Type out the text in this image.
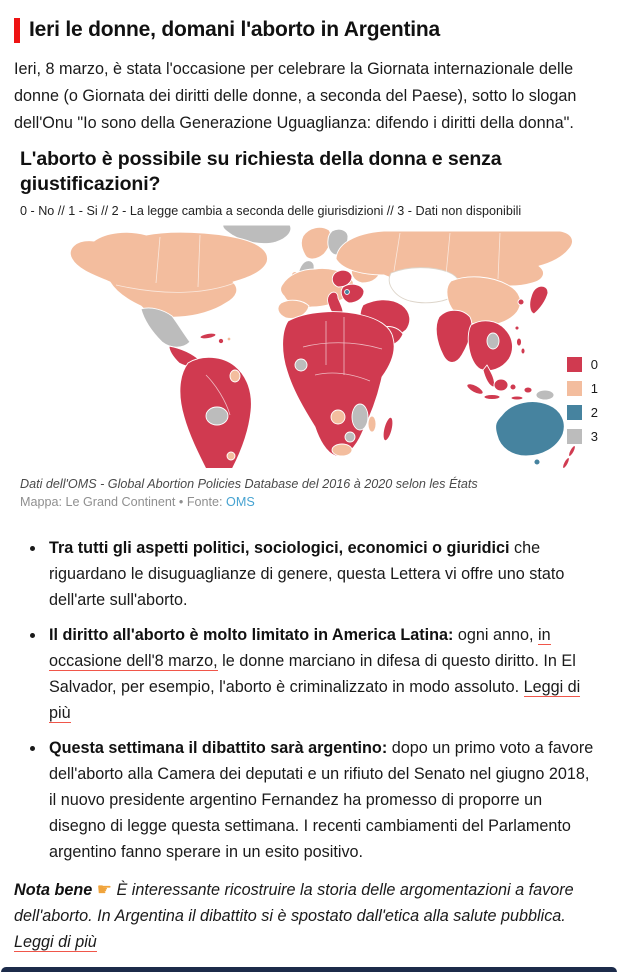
Ieri le donne, domani l'aborto in Argentina

Ieri, 8 marzo, è stata l'occasione per celebrare la Giornata internazionale delle donne (o Giornata dei diritti delle donne, a seconda del Paese), sotto lo slogan dell'Onu "Io sono della Generazione Uguaglianza: difendo i diritti della donna".

L'aborto è possibile su richiesta della donna e senza giustificazioni?
0 - No // 1 - Si // 2 - La legge cambia a seconda delle giurisdizioni // 3 - Dati non disponibili
0
1
2
3
Dati dell'OMS - Global Abortion Policies Database del 2016 à 2020 selon les États
Mappa: Le Grand Continent • Fonte: OMS
• Tra tutti gli aspetti politici, sociologici, economici o giuridici che riguardano le disuguaglianze di genere, questa Lettera vi offre uno stato dell'arte sull'aborto.
• Il diritto all'aborto è molto limitato in America Latina: ogni anno, in occasione dell'8 marzo, le donne marciano in difesa di questo diritto. In El Salvador, per esempio, l'aborto è criminalizzato in modo assoluto. Leggi di più
• Questa settimana il dibattito sarà argentino: dopo un primo voto a favore dell'aborto alla Camera dei deputati e un rifiuto del Senato nel giugno 2018, il nuovo presidente argentino Fernandez ha promesso di proporre un disegno di legge questa settimana. I recenti cambiamenti del Parlamento argentino fanno sperare in un esito positivo.

Nota bene ☛ È interessante ricostruire la storia delle argomentazioni a favore dell'aborto. In Argentina il dibattito si è spostato dall'etica alla salute pubblica. Leggi di più
